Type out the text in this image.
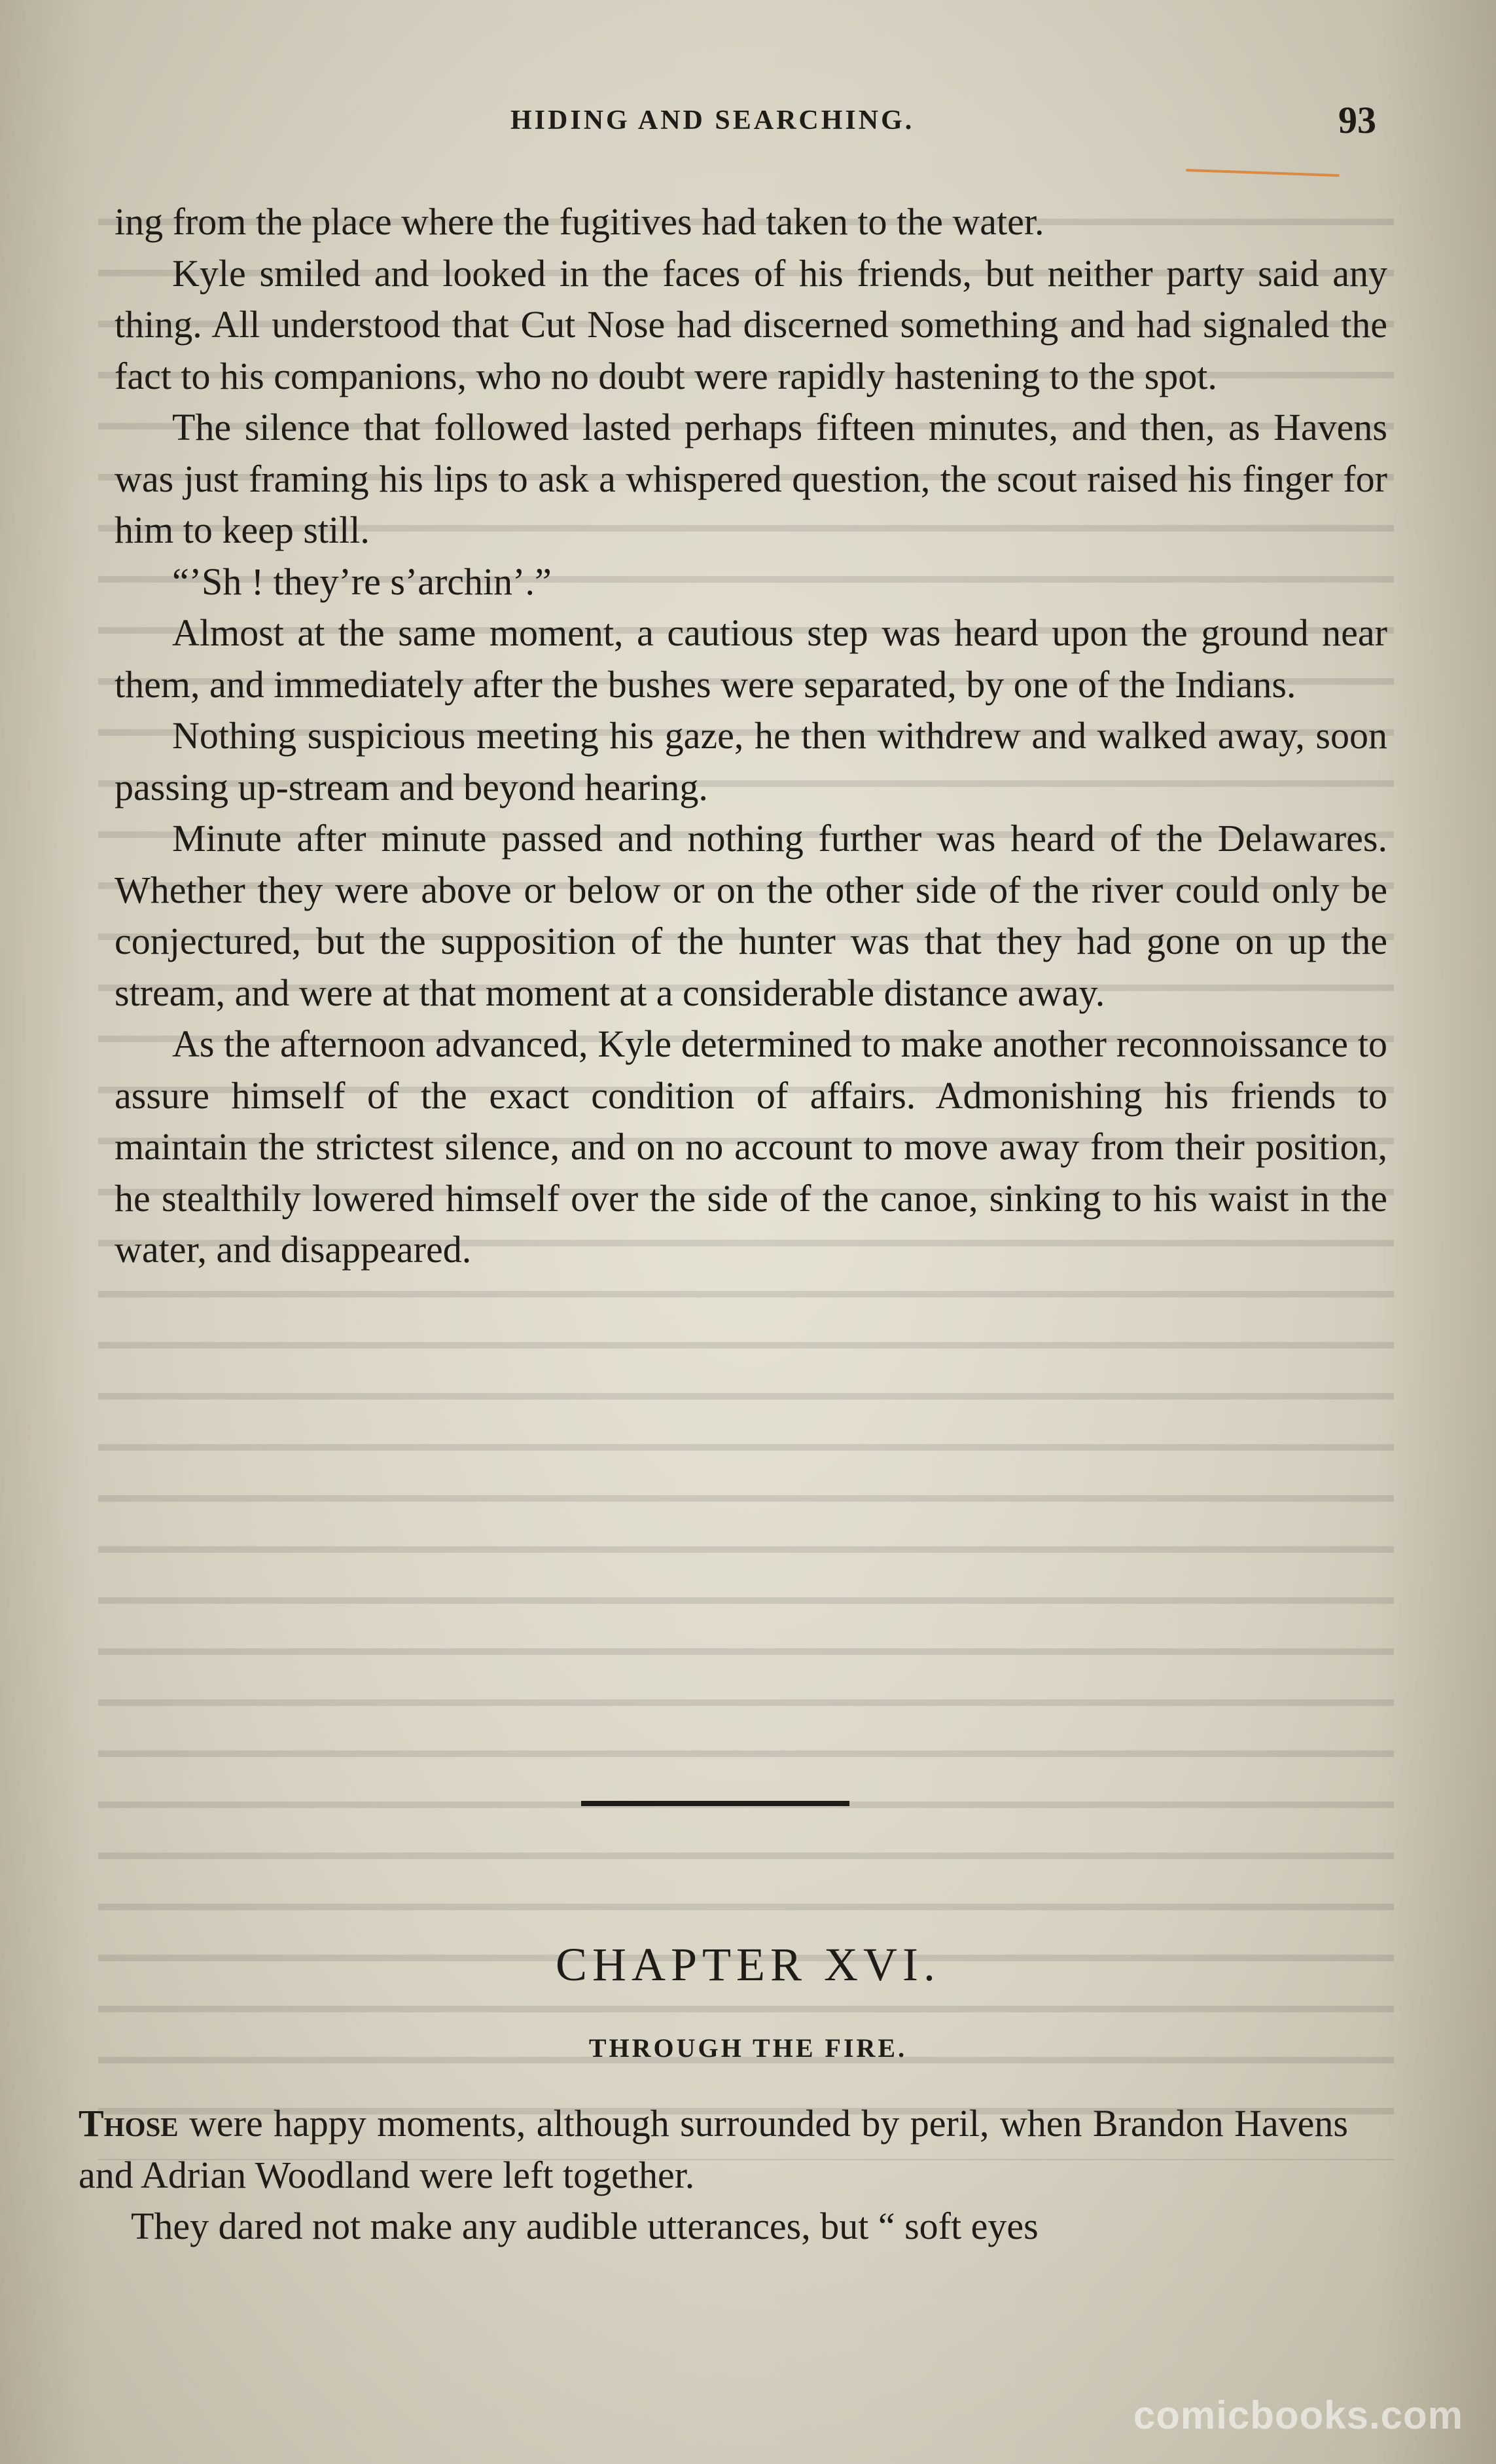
HIDING AND SEARCHING.	93

ing from the place where the fugitives had taken to the water.

Kyle smiled and looked in the faces of his friends, but neither party said any thing. All understood that Cut Nose had discerned something and had signaled the fact to his companions, who no doubt were rapidly hastening to the spot.

The silence that followed lasted perhaps fifteen minutes, and then, as Havens was just framing his lips to ask a whispered question, the scout raised his finger for him to keep still.

“’Sh ! they’re s’archin’.”

Almost at the same moment, a cautious step was heard upon the ground near them, and immediately after the bushes were separated, by one of the Indians.

Nothing suspicious meeting his gaze, he then withdrew and walked away, soon passing up-stream and beyond hearing.

Minute after minute passed and nothing further was heard of the Delawares. Whether they were above or below or on the other side of the river could only be conjectured, but the supposition of the hunter was that they had gone on up the stream, and were at that moment at a considerable distance away.

As the afternoon advanced, Kyle determined to make another reconnoissance to assure himself of the exact condition of affairs. Admonishing his friends to maintain the strictest silence, and on no account to move away from their position, he stealthily lowered himself over the side of the canoe, sinking to his waist in the water, and disappeared.

CHAPTER XVI.
THROUGH THE FIRE.

Those were happy moments, although surrounded by peril, when Brandon Havens and Adrian Woodland were left together.

They dared not make any audible utterances, but “ soft eyes

comicbooks.com
